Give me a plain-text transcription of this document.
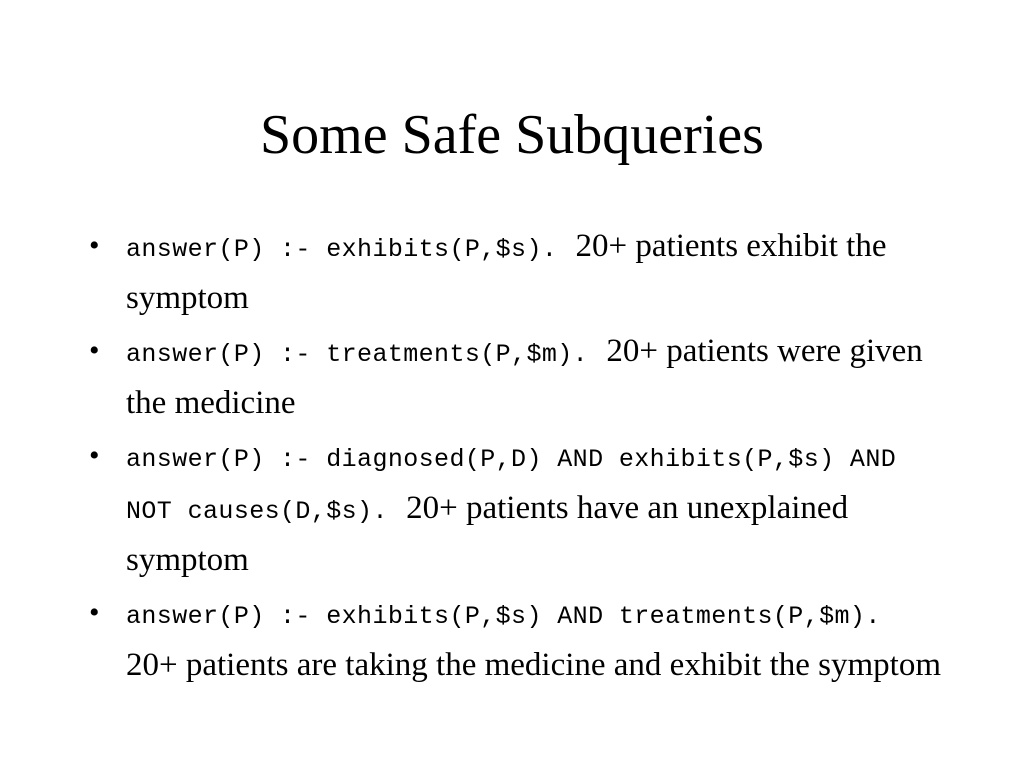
Some Safe Subqueries
• answer(P) :- exhibits(P,$s). 20+ patients exhibit the symptom
• answer(P) :- treatments(P,$m). 20+ patients were given the medicine
• answer(P) :- diagnosed(P,D) AND exhibits(P,$s) AND NOT causes(D,$s). 20+ patients have an unexplained symptom
• answer(P) :- exhibits(P,$s) AND treatments(P,$m). 20+ patients are taking the medicine and exhibit the symptom
